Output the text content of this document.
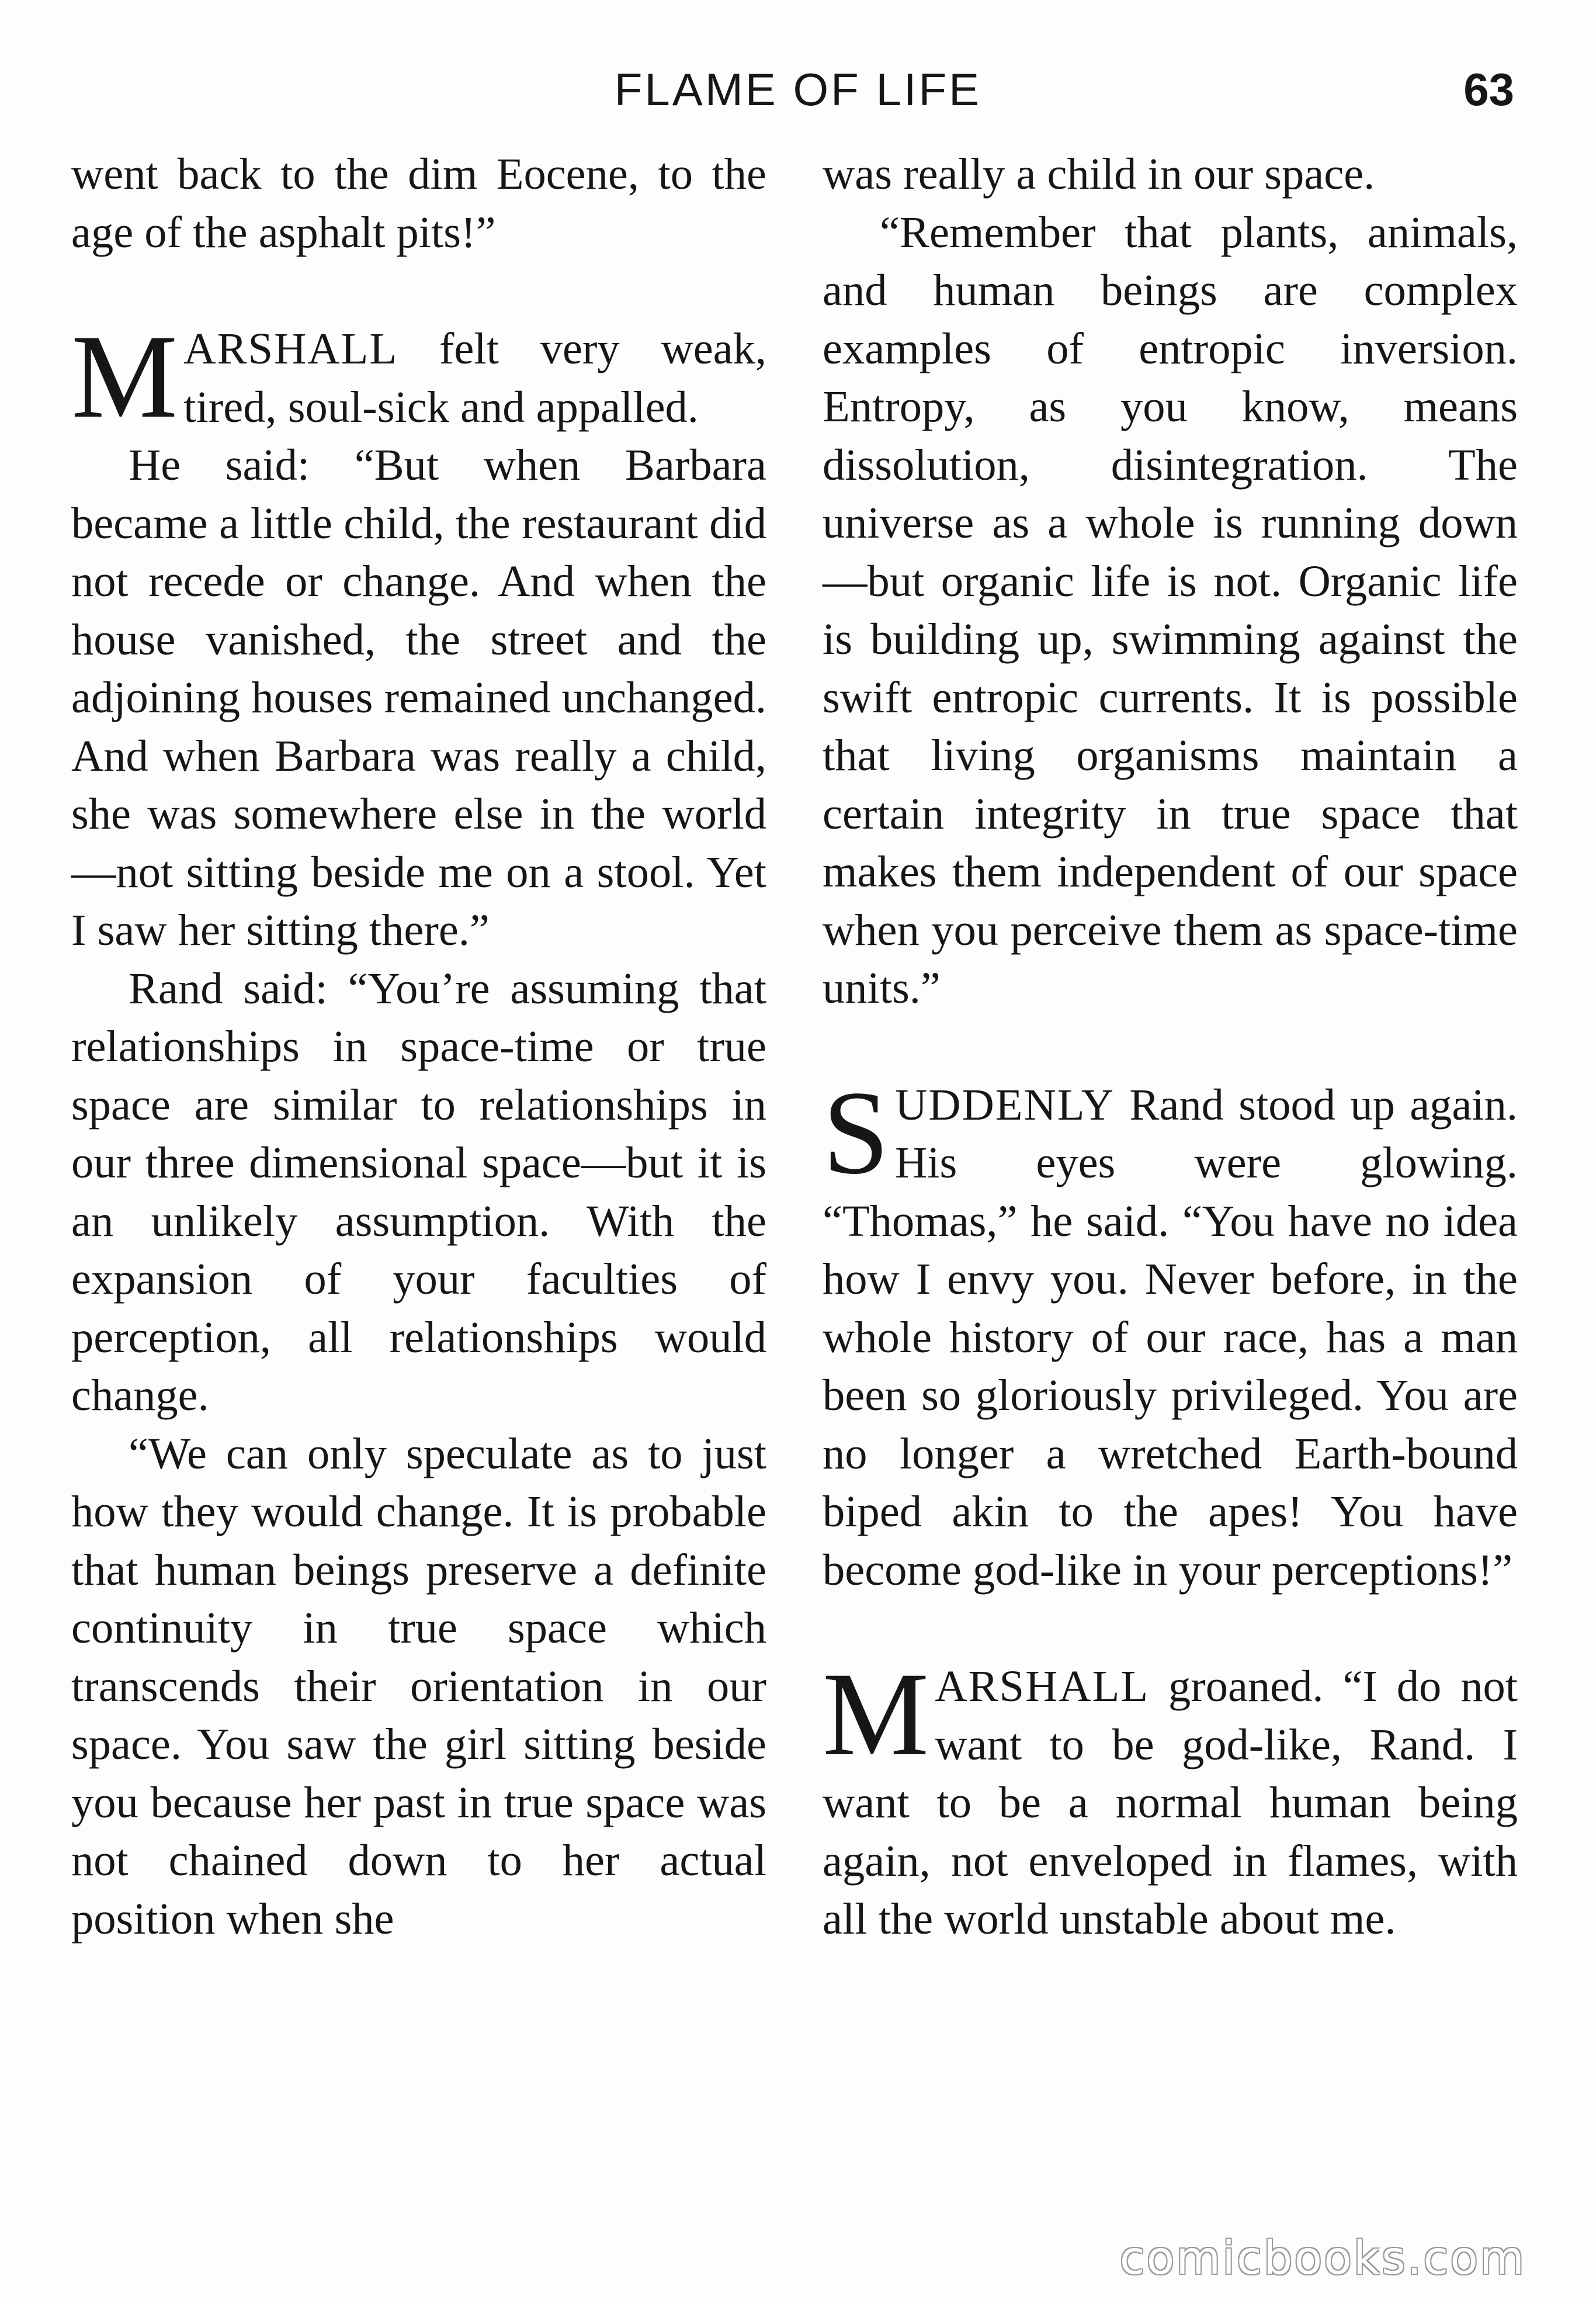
FLAME OF LIFE	63

went back to the dim Eocene, to the age of the asphalt pits!”

MARSHALL felt very weak, tired, soul-sick and appalled.

He said: “But when Barbara became a little child, the restaurant did not recede or change. And when the house vanished, the street and the adjoining houses remained unchanged. And when Barbara was really a child, she was somewhere else in the world—not sitting beside me on a stool. Yet I saw her sitting there.”

Rand said: “You’re assuming that relationships in space-time or true space are similar to relationships in our three dimensional space—but it is an unlikely assumption. With the expansion of your faculties of perception, all relationships would change.

“We can only speculate as to just how they would change. It is probable that human beings preserve a definite continuity in true space which transcends their orientation in our space. You saw the girl sitting beside you because her past in true space was not chained down to her actual position when she

was really a child in our space.

“Remember that plants, animals, and human beings are complex examples of entropic inversion. Entropy, as you know, means dissolution, disintegration. The universe as a whole is running down—but organic life is not. Organic life is building up, swimming against the swift entropic currents. It is possible that living organisms maintain a certain integrity in true space that makes them independent of our space when you perceive them as space-time units.”

SUDDENLY Rand stood up again. His eyes were glowing. “Thomas,” he said. “You have no idea how I envy you. Never before, in the whole history of our race, has a man been so gloriously privileged. You are no longer a wretched Earth-bound biped akin to the apes! You have become god-like in your perceptions!”

MARSHALL groaned. “I do not want to be god-like, Rand. I want to be a normal human being again, not enveloped in flames, with all the world unstable about me.

comicbooks.com
